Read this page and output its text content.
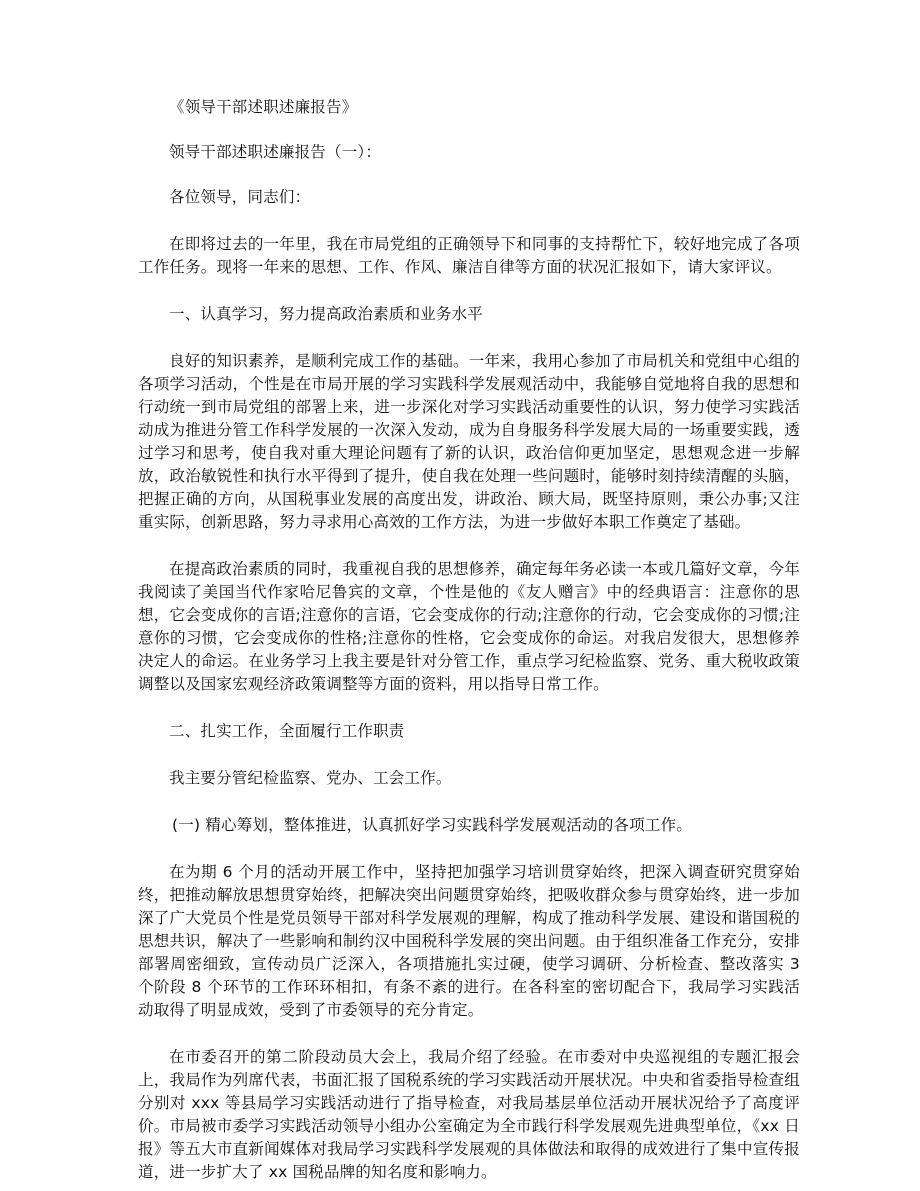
《领导干部述职述廉报告》

领导干部述职述廉报告（一）：

各位领导，同志们：

在即将过去的一年里，我在市局党组的正确领导下和同事的支持帮忙下，较好地完成了各项工作任务。现将一年来的思想、工作、作风、廉洁自律等方面的状况汇报如下，请大家评议。

一、认真学习，努力提高政治素质和业务水平

良好的知识素养，是顺利完成工作的基础。一年来，我用心参加了市局机关和党组中心组的各项学习活动，个性是在市局开展的学习实践科学发展观活动中，我能够自觉地将自我的思想和行动统一到市局党组的部署上来，进一步深化对学习实践活动重要性的认识，努力使学习实践活动成为推进分管工作科学发展的一次深入发动，成为自身服务科学发展大局的一场重要实践，透过学习和思考，使自我对重大理论问题有了新的认识，政治信仰更加坚定，思想观念进一步解放，政治敏锐性和执行水平得到了提升，使自我在处理一些问题时，能够时刻持续清醒的头脑，把握正确的方向，从国税事业发展的高度出发，讲政治、顾大局，既坚持原则，秉公办事;又注重实际，创新思路，努力寻求用心高效的工作方法，为进一步做好本职工作奠定了基础。

在提高政治素质的同时，我重视自我的思想修养，确定每年务必读一本或几篇好文章，今年我阅读了美国当代作家哈尼鲁宾的文章，个性是他的《友人赠言》中的经典语言：注意你的思想，它会变成你的言语;注意你的言语，它会变成你的行动;注意你的行动，它会变成你的习惯;注意你的习惯，它会变成你的性格;注意你的性格，它会变成你的命运。对我启发很大，思想修养决定人的命运。在业务学习上我主要是针对分管工作，重点学习纪检监察、党务、重大税收政策调整以及国家宏观经济政策调整等方面的资料，用以指导日常工作。

二、扎实工作，全面履行工作职责

我主要分管纪检监察、党办、工会工作。

(一) 精心筹划，整体推进，认真抓好学习实践科学发展观活动的各项工作。

在为期 6 个月的活动开展工作中，坚持把加强学习培训贯穿始终，把深入调查研究贯穿始终，把推动解放思想贯穿始终，把解决突出问题贯穿始终，把吸收群众参与贯穿始终，进一步加深了广大党员个性是党员领导干部对科学发展观的理解，构成了推动科学发展、建设和谐国税的思想共识，解决了一些影响和制约汉中国税科学发展的突出问题。由于组织准备工作充分，安排部署周密细致，宣传动员广泛深入，各项措施扎实过硬，使学习调研、分析检查、整改落实 3 个阶段 8 个环节的工作环环相扣，有条不紊的进行。在各科室的密切配合下，我局学习实践活动取得了明显成效，受到了市委领导的充分肯定。

在市委召开的第二阶段动员大会上，我局介绍了经验。在市委对中央巡视组的专题汇报会上，我局作为列席代表，书面汇报了国税系统的学习实践活动开展状况。中央和省委指导检查组分别对 xxx 等县局学习实践活动进行了指导检查，对我局基层单位活动开展状况给予了高度评价。市局被市委学习实践活动领导小组办公室确定为全市践行科学发展观先进典型单位，《xx 日报》等五大市直新闻媒体对我局学习实践科学发展观的具体做法和取得的成效进行了集中宣传报道，进一步扩大了 xx 国税品牌的知名度和影响力。
